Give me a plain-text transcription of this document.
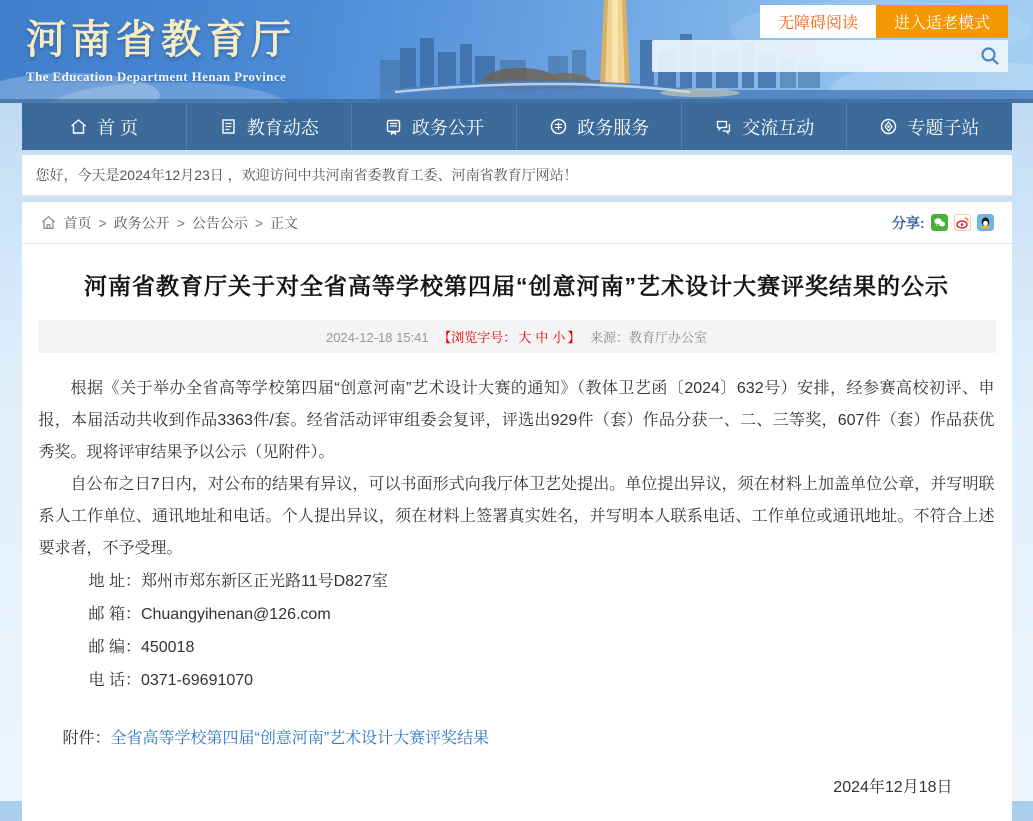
河南省教育厅
The Education Department Henan Province
无障碍阅读	进入适老模式
首 页	教育动态	政务公开	政务服务	交流互动	专题子站
您好，今天是2024年12月23日 ，欢迎访问中共河南省委教育工委、河南省教育厅网站！
首页 > 政务公开 > 公告公示 > 正文	分享:
河南省教育厅关于对全省高等学校第四届“创意河南”艺术设计大赛评奖结果的公示
2024-12-18 15:41 【浏览字号： 大 中 小 】 来源：教育厅办公室

根据《关于举办全省高等学校第四届“创意河南”艺术设计大赛的通知》（教体卫艺函〔2024〕632号）安排，经参赛高校初评、申报，本届活动共收到作品3363件/套。经省活动评审组委会复评，评选出929件（套）作品分获一、二、三等奖，607件（套）作品获优秀奖。现将评审结果予以公示（见附件）。

自公布之日7日内，对公布的结果有异议，可以书面形式向我厅体卫艺处提出。单位提出异议，须在材料上加盖单位公章，并写明联系人工作单位、通讯地址和电话。个人提出异议，须在材料上签署真实姓名，并写明本人联系电话、工作单位或通讯地址。不符合上述要求者，不予受理。

地 址：郑州市郑东新区正光路11号D827室
邮 箱：Chuangyihenan@126.com
邮 编：450018
电 话：0371-69691070
附件：全省高等学校第四届“创意河南”艺术设计大赛评奖结果
2024年12月18日
